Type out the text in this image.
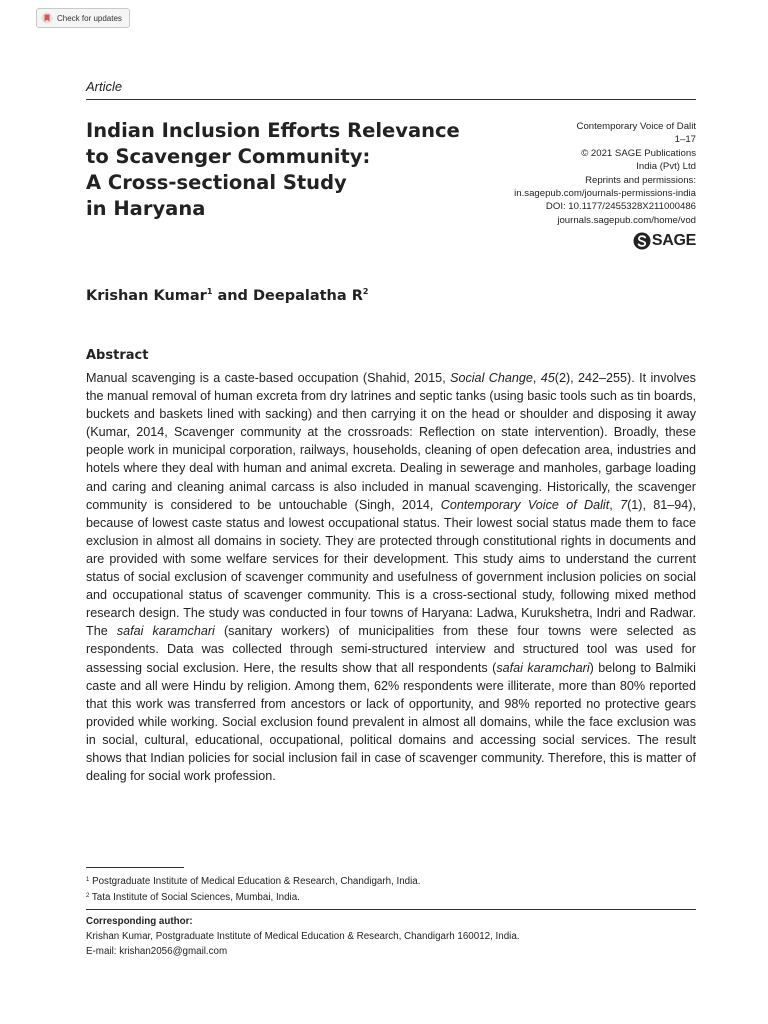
Check for updates
Article
Indian Inclusion Efforts Relevance
to Scavenger Community:
A Cross-sectional Study
in Haryana
Contemporary Voice of Dalit
1–17
© 2021 SAGE Publications
India (Pvt) Ltd
Reprints and permissions:
in.sagepub.com/journals-permissions-india
DOI: 10.1177/2455328X211000486
journals.sagepub.com/home/vod
SAGE
Krishan Kumar$^1$ and Deepalatha $R^2$
Abstract

Manual scavenging is a caste-based occupation (Shahid, 2015, Social Change, 45(2), 242–255). It involves the manual removal of human excreta from dry latrines and septic tanks (using basic tools such as tin boards, buckets and baskets lined with sacking) and then carrying it on the head or shoulder and disposing it away (Kumar, 2014, Scavenger community at the crossroads: Reflection on state intervention). Broadly, these people work in municipal corporation, railways, households, cleaning of open defecation area, industries and hotels where they deal with human and animal excreta. Dealing in sewerage and manholes, garbage loading and caring and cleaning animal carcass is also included in manual scavenging. Historically, the scavenger community is considered to be untouchable (Singh, 2014, Contemporary Voice of Dalit, 7(1), 81–94), because of lowest caste status and lowest occupational status. Their lowest social status made them to face exclusion in almost all domains in society. They are protected through constitutional rights in documents and are provided with some welfare services for their development. This study aims to understand the current status of social exclusion of scavenger community and usefulness of government inclusion policies on social and occupational status of scavenger community. This is a cross-sectional study, following mixed method research design. The study was conducted in four towns of Haryana: Ladwa, Kurukshetra, Indri and Radwar. The safai karamchari (sanitary workers) of municipalities from these four towns were selected as respondents. Data was collected through semi-structured interview and structured tool was used for assessing social exclusion. Here, the results show that all respondents (safai karamchari) belong to Balmiki caste and all were Hindu by religion. Among them, 62% respondents were illiterate, more than 80% reported that this work was transferred from ancestors or lack of opportunity, and 98% reported no protective gears provided while working. Social exclusion found prevalent in almost all domains, while the face exclusion was in social, cultural, educational, occupational, political domains and accessing social services. The result shows that Indian policies for social inclusion fail in case of scavenger community. Therefore, this is matter of dealing for social work profession.

$^1$ Postgraduate Institute of Medical Education & Research, Chandigarh, India.
$^2$ Tata Institute of Social Sciences, Mumbai, India.
Corresponding author:
Krishan Kumar, Postgraduate Institute of Medical Education & Research, Chandigarh 160012, India.
E-mail: krishan2056@gmail.com
